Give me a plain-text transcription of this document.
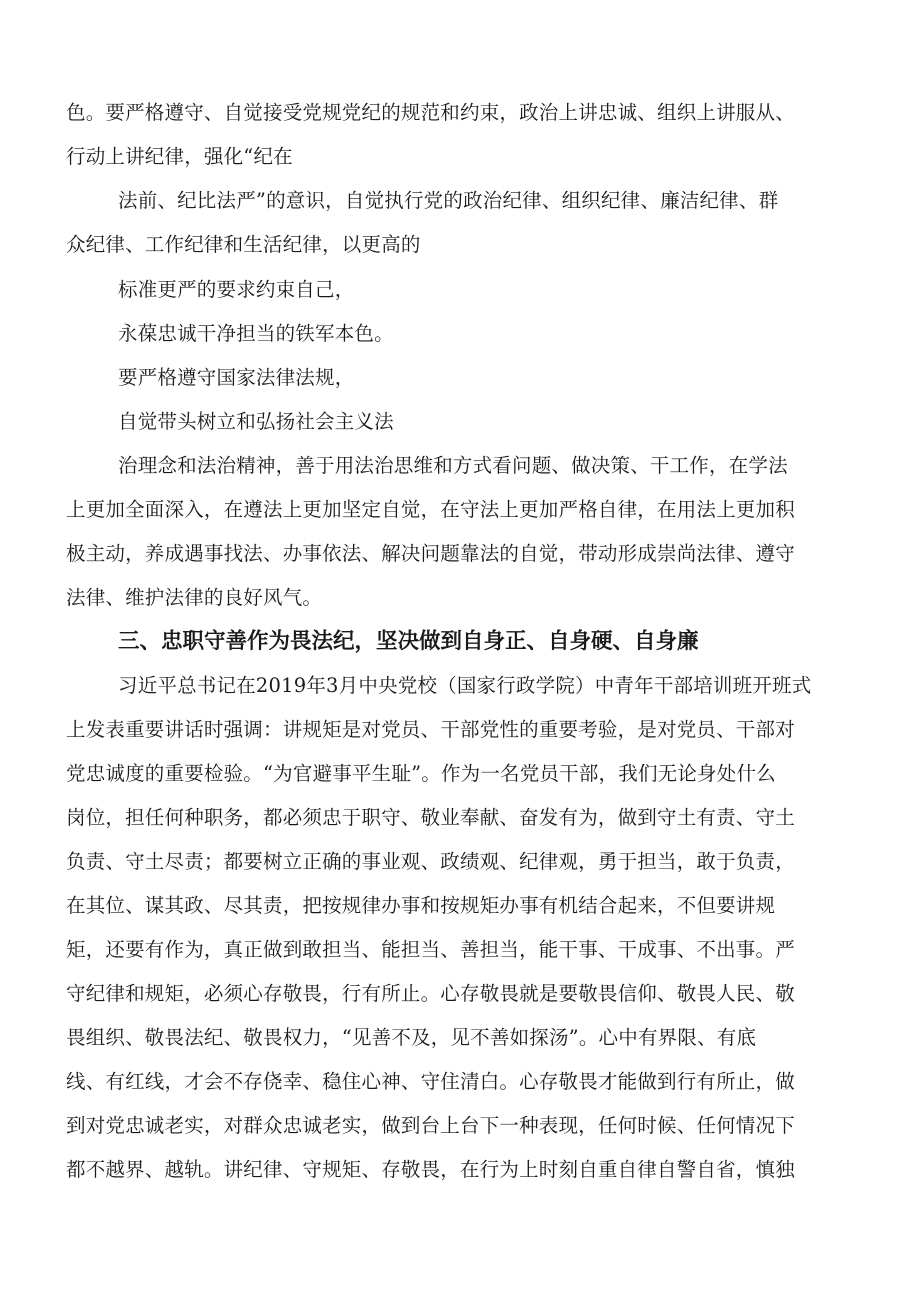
色。要严格遵守、自觉接受党规党纪的规范和约束，政治上讲忠诚、组织上讲服从、
行动上讲纪律，强化“纪在
法前、纪比法严”的意识，自觉执行党的政治纪律、组织纪律、廉洁纪律、群
众纪律、工作纪律和生活纪律，以更高的
标准更严的要求约束自己，
永葆忠诚干净担当的铁军本色。
要严格遵守国家法律法规，
自觉带头树立和弘扬社会主义法
治理念和法治精神，善于用法治思维和方式看问题、做决策、干工作，在学法
上更加全面深入，在遵法上更加坚定自觉，在守法上更加严格自律，在用法上更加积
极主动，养成遇事找法、办事依法、解决问题靠法的自觉，带动形成崇尚法律、遵守
法律、维护法律的良好风气。
三、忠职守善作为畏法纪，坚决做到自身正、自身硬、自身廉
习近平总书记在2019年3月中央党校（国家行政学院）中青年干部培训班开班式
上发表重要讲话时强调：讲规矩是对党员、干部党性的重要考验，是对党员、干部对
党忠诚度的重要检验。“为官避事平生耻”。作为一名党员干部，我们无论身处什么
岗位，担任何种职务，都必须忠于职守、敬业奉献、奋发有为，做到守土有责、守土
负责、守土尽责；都要树立正确的事业观、政绩观、纪律观，勇于担当，敢于负责，
在其位、谋其政、尽其责，把按规律办事和按规矩办事有机结合起来，不但要讲规
矩，还要有作为，真正做到敢担当、能担当、善担当，能干事、干成事、不出事。严
守纪律和规矩，必须心存敬畏，行有所止。心存敬畏就是要敬畏信仰、敬畏人民、敬
畏组织、敬畏法纪、敬畏权力，“见善不及，见不善如探汤”。心中有界限、有底
线、有红线，才会不存侥幸、稳住心神、守住清白。心存敬畏才能做到行有所止，做
到对党忠诚老实，对群众忠诚老实，做到台上台下一种表现，任何时候、任何情况下
都不越界、越轨。讲纪律、守规矩、存敬畏，在行为上时刻自重自律自警自省，慎独
